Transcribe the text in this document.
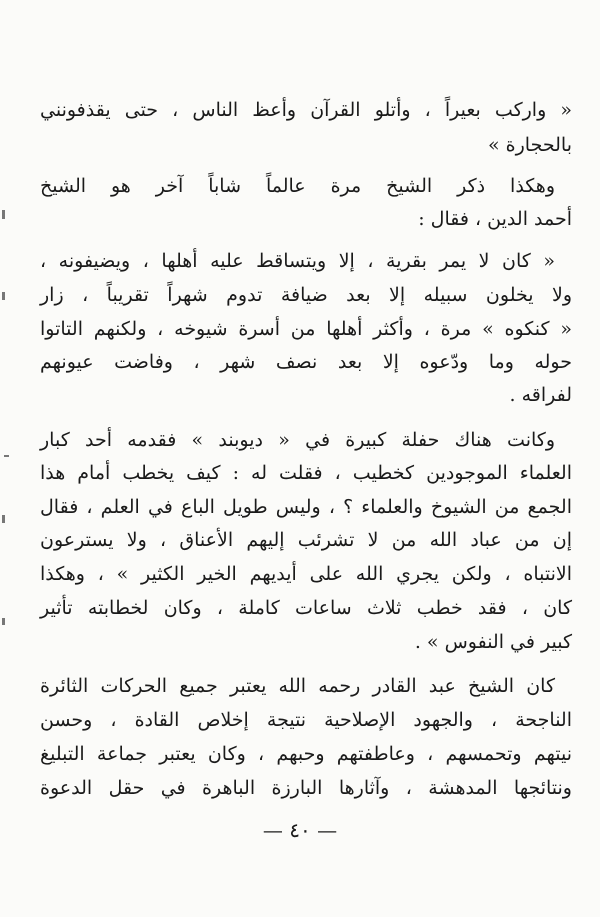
« واركب بعيراً ، وأتلو القرآن وأعظ الناس ، حتى يقذفونني
بالحجارة »
وهكذا ذكر الشيخ مرة عالماً شاباً آخر هو الشيخ
أحمد الدين ، فقال :
« كان لا يمر بقرية ، إلا ويتساقط عليه أهلها ، ويضيفونه ،
ولا يخلون سبيله إلا بعد ضيافة تدوم شهراً تقريباً ، زار
« كنكوه » مرة ، وأكثر أهلها من أسرة شيوخه ، ولكنهم التاتوا
حوله وما ودّعوه إلا بعد نصف شهر ، وفاضت عيونهم
لفراقه .
وكانت هناك حفلة كبيرة في « ديوبند » فقدمه أحد كبار
العلماء الموجودين كخطيب ، فقلت له : كيف يخطب أمام هذا
الجمع من الشيوخ والعلماء ؟ ، وليس طويل الباع في العلم ، فقال
إن من عباد الله من لا تشرئب إليهم الأعناق ، ولا يسترعون
الانتباه ، ولكن يجري الله على أيديهم الخير الكثير » ، وهكذا
كان ، فقد خطب ثلاث ساعات كاملة ، وكان لخطابته تأثير
كبير في النفوس » .
كان الشيخ عبد القادر رحمه الله يعتبر جميع الحركات الثائرة
الناجحة ، والجهود الإصلاحية نتيجة إخلاص القادة ، وحسن
نيتهم وتحمسهم ، وعاطفتهم وحبهم ، وكان يعتبر جماعة التبليغ
ونتائجها المدهشة ، وآثارها البارزة الباهرة في حقل الدعوة
— ٤٠ —
